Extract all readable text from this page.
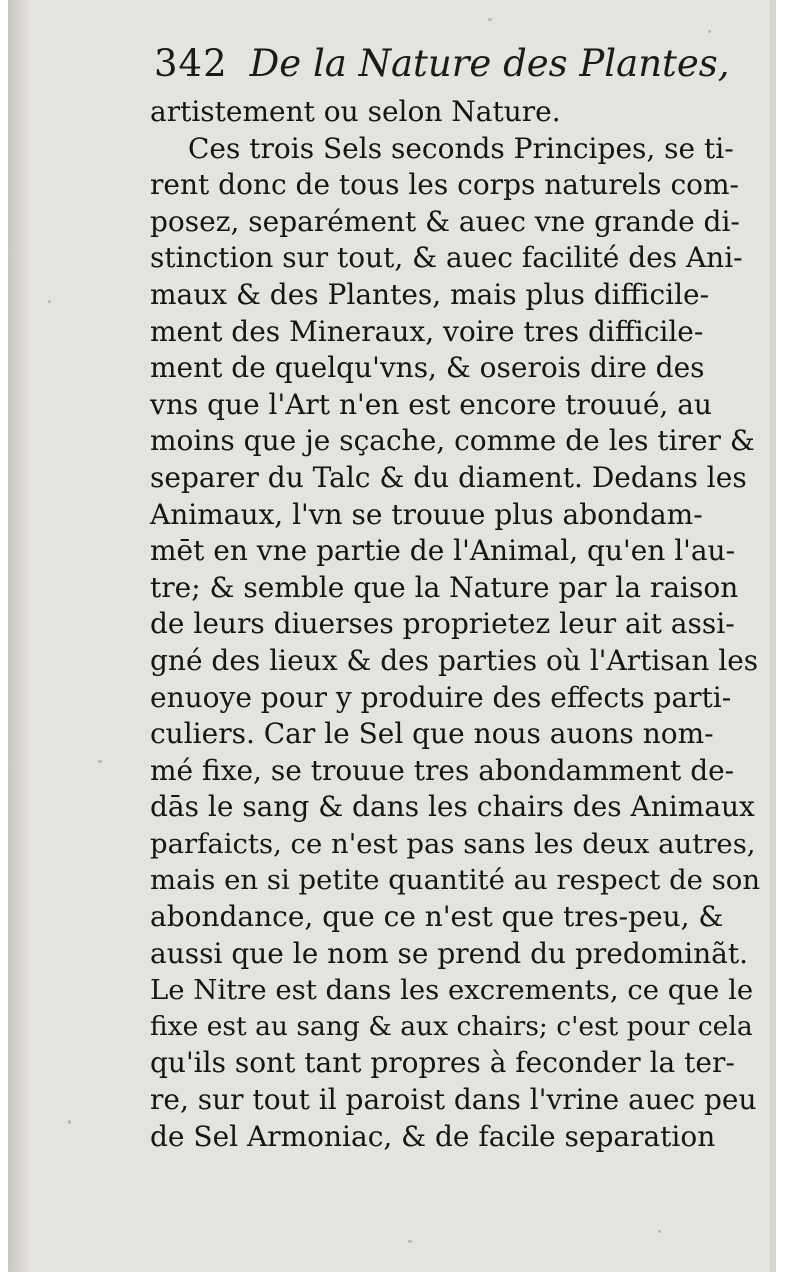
342 De la Nature des Plantes,
artistement ou selon Nature.
Ces trois Sels seconds Principes, se ti-
rent donc de tous les corps naturels com-
posez, separément & auec vne grande di-
stinction sur tout, & auec facilité des Ani-
maux & des Plantes, mais plus difficile-
ment des Mineraux, voire tres difficile-
ment de quelqu'vns, & oserois dire des
vns que l'Art n'en est encore trouué, au
moins que je sçache, comme de les tirer &
separer du Talc & du diament. Dedans les
Animaux, l'vn se trouue plus abondam-
mēt en vne partie de l'Animal, qu'en l'au-
tre; & semble que la Nature par la raison
de leurs diuerses proprietez leur ait assi-
gné des lieux & des parties où l'Artisan les
enuoye pour y produire des effects parti-
culiers. Car le Sel que nous auons nom-
mé fixe, se trouue tres abondamment de-
dās le sang & dans les chairs des Animaux
parfaicts, ce n'est pas sans les deux autres,
mais en si petite quantité au respect de son
abondance, que ce n'est que tres-peu, &
aussi que le nom se prend du predominãt.
Le Nitre est dans les excrements, ce que le
fixe est au sang & aux chairs; c'est pour cela
qu'ils sont tant propres à feconder la ter-
re, sur tout il paroist dans l'vrine auec peu
de Sel Armoniac, & de facile separation
